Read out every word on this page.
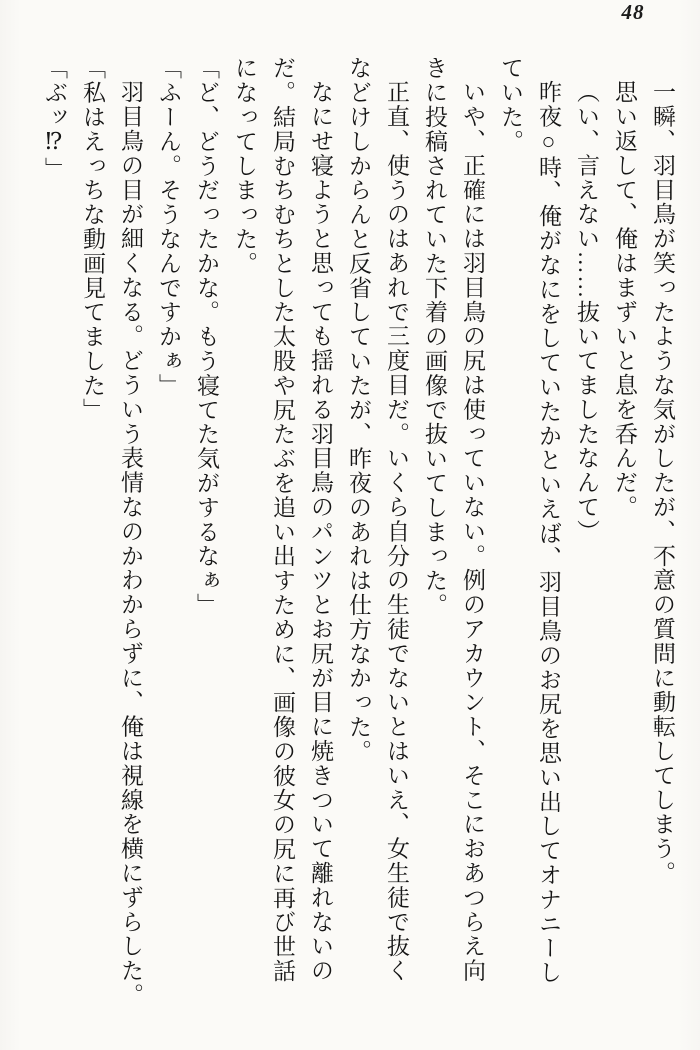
48

一瞬、羽目鳥が笑ったような気がしたが、不意の質問に動転してしまう。

思い返して、俺はまずいと息を呑んだ。

（い、言えない……抜いてましたなんて）

昨夜○時、俺がなにをしていたかといえば、羽目鳥のお尻を思い出してオナニーし

ていた。

いや、正確には羽目鳥の尻は使っていない。例のアカウント、そこにおあつらえ向

きに投稿されていた下着の画像で抜いてしまった。

正直、使うのはあれで三度目だ。いくら自分の生徒でないとはいえ、女生徒で抜く

などけしからんと反省していたが、昨夜のあれは仕方なかった。

なにせ寝ようと思っても揺れる羽目鳥のパンツとお尻が目に焼きついて離れないの

だ。結局むちむちとした太股や尻たぶを追い出すために、画像の彼女の尻に再び世話

になってしまった。

「ど、どうだったかな。もう寝てた気がするなぁ」

「ふーん。そうなんですかぁ」

羽目鳥の目が細くなる。どういう表情なのかわからずに、俺は視線を横にずらした。

「私はえっちな動画見てました」

「ぶッ⁉」
